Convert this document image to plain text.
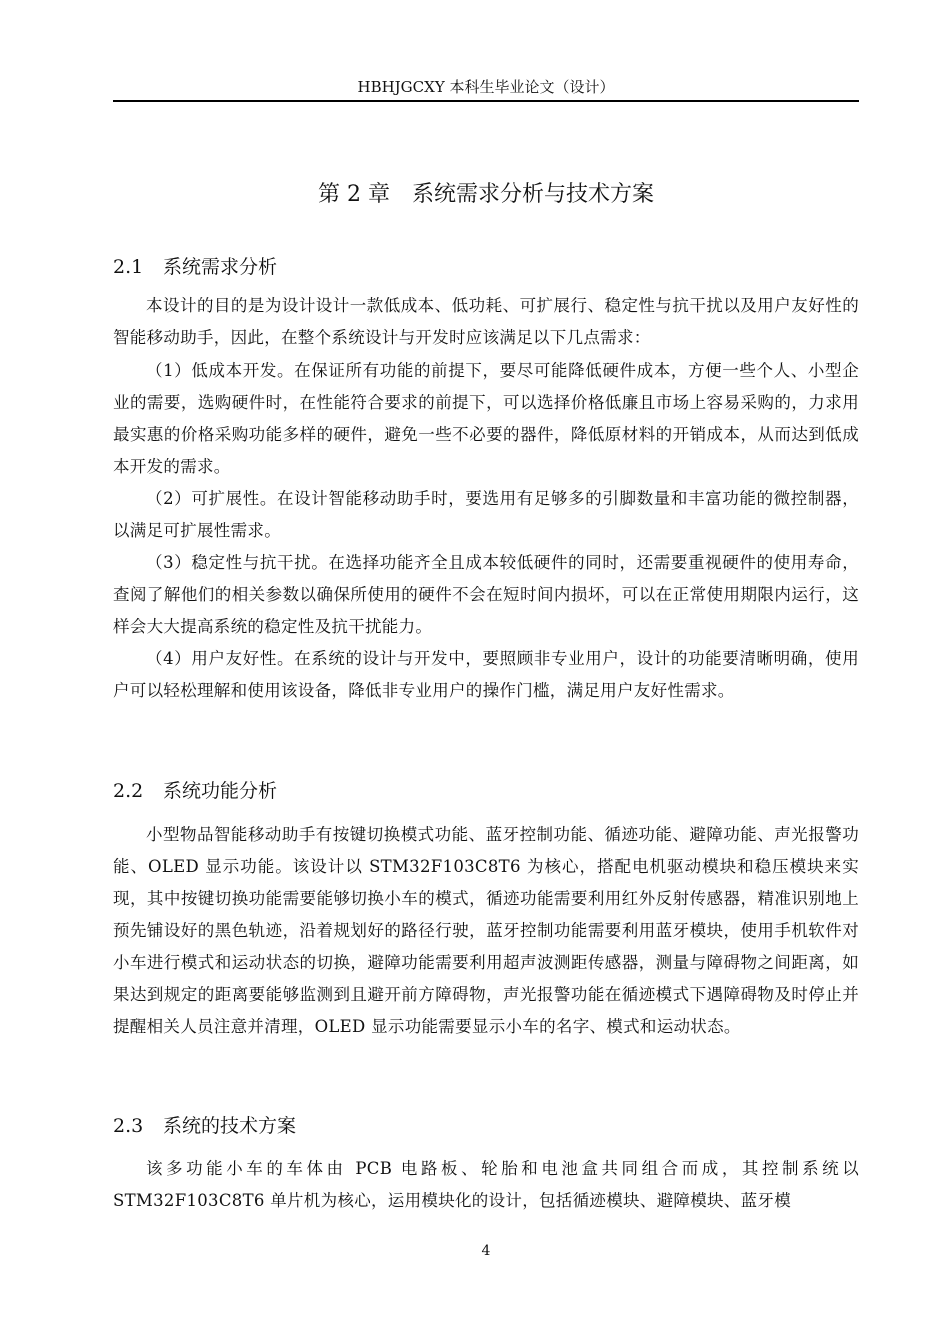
HBHJGCXY 本科生毕业论文（设计）
第 2 章　系统需求分析与技术方案
2.1 系统需求分析

本设计的目的是为设计设计一款低成本、低功耗、可扩展行、稳定性与抗干扰以及用户友好性的智能移动助手，因此，在整个系统设计与开发时应该满足以下几点需求：

（1）低成本开发。在保证所有功能的前提下，要尽可能降低硬件成本，方便一些个人、小型企业的需要，选购硬件时，在性能符合要求的前提下，可以选择价格低廉且市场上容易采购的，力求用最实惠的价格采购功能多样的硬件，避免一些不必要的器件，降低原材料的开销成本，从而达到低成本开发的需求。

（2）可扩展性。在设计智能移动助手时，要选用有足够多的引脚数量和丰富功能的微控制器，以满足可扩展性需求。

（3）稳定性与抗干扰。在选择功能齐全且成本较低硬件的同时，还需要重视硬件的使用寿命，查阅了解他们的相关参数以确保所使用的硬件不会在短时间内损坏，可以在正常使用期限内运行，这样会大大提高系统的稳定性及抗干扰能力。

（4）用户友好性。在系统的设计与开发中，要照顾非专业用户，设计的功能要清晰明确，使用户可以轻松理解和使用该设备，降低非专业用户的操作门槛，满足用户友好性需求。

2.2 系统功能分析

小型物品智能移动助手有按键切换模式功能、蓝牙控制功能、循迹功能、避障功能、声光报警功能、OLED 显示功能。该设计以 STM32F103C8T6 为核心，搭配电机驱动模块和稳压模块来实现，其中按键切换功能需要能够切换小车的模式，循迹功能需要利用红外反射传感器，精准识别地上预先铺设好的黑色轨迹，沿着规划好的路径行驶，蓝牙控制功能需要利用蓝牙模块，使用手机软件对小车进行模式和运动状态的切换，避障功能需要利用超声波测距传感器，测量与障碍物之间距离，如果达到规定的距离要能够监测到且避开前方障碍物，声光报警功能在循迹模式下遇障碍物及时停止并提醒相关人员注意并清理，OLED 显示功能需要显示小车的名字、模式和运动状态。

2.3 系统的技术方案

该多功能小车的车体由 PCB 电路板、轮胎和电池盒共同组合而成，其控制系统以 STM32F103C8T6 单片机为核心，运用模块化的设计，包括循迹模块、避障模块、蓝牙模

4
